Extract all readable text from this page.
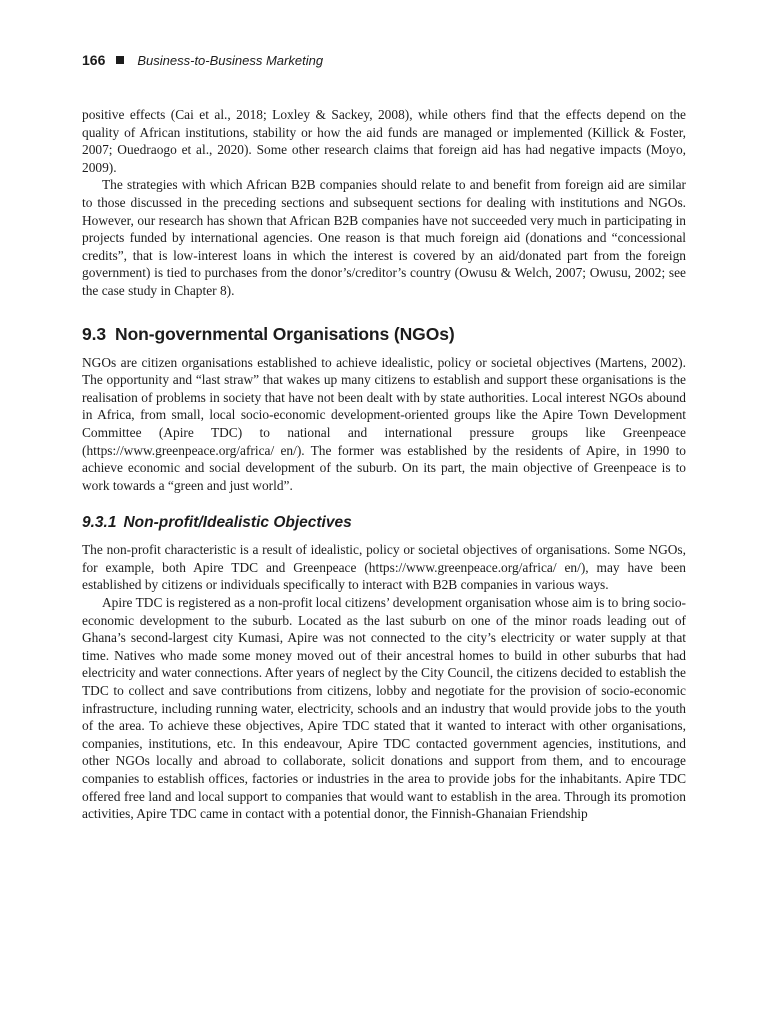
166 Business-to-Business Marketing

positive effects (Cai et al., 2018; Loxley & Sackey, 2008), while others find that the effects depend on the quality of African institutions, stability or how the aid funds are managed or implemented (Killick & Foster, 2007; Ouedraogo et al., 2020). Some other research claims that foreign aid has had negative impacts (Moyo, 2009).

The strategies with which African B2B companies should relate to and benefit from foreign aid are similar to those discussed in the preceding sections and subsequent sections for dealing with institutions and NGOs. However, our research has shown that African B2B companies have not succeeded very much in participating in projects funded by international agencies. One reason is that much foreign aid (donations and “concessional credits”, that is low-interest loans in which the interest is covered by an aid/donated part from the foreign government) is tied to purchases from the donor’s/creditor’s country (Owusu & Welch, 2007; Owusu, 2002; see the case study in Chapter 8).

9.3 Non-governmental Organisations (NGOs)

NGOs are citizen organisations established to achieve idealistic, policy or societal objectives (Martens, 2002). The opportunity and “last straw” that wakes up many citizens to establish and support these organisations is the realisation of problems in society that have not been dealt with by state authorities. Local interest NGOs abound in Africa, from small, local socio-economic development-oriented groups like the Apire Town Development Committee (Apire TDC) to national and international pressure groups like Greenpeace (https://www.greenpeace.org/africa/ en/). The former was established by the residents of Apire, in 1990 to achieve economic and social development of the suburb. On its part, the main objective of Greenpeace is to work towards a “green and just world”.

9.3.1 Non-profit/Idealistic Objectives

The non-profit characteristic is a result of idealistic, policy or societal objectives of organisations. Some NGOs, for example, both Apire TDC and Greenpeace (https://www.greenpeace.org/africa/ en/), may have been established by citizens or individuals specifically to interact with B2B companies in various ways.

Apire TDC is registered as a non-profit local citizens’ development organisation whose aim is to bring socio-economic development to the suburb. Located as the last suburb on one of the minor roads leading out of Ghana’s second-largest city Kumasi, Apire was not connected to the city’s electricity or water supply at that time. Natives who made some money moved out of their ancestral homes to build in other suburbs that had electricity and water connections. After years of neglect by the City Council, the citizens decided to establish the TDC to collect and save contributions from citizens, lobby and negotiate for the provision of socio-economic infrastructure, including running water, electricity, schools and an industry that would provide jobs to the youth of the area. To achieve these objectives, Apire TDC stated that it wanted to interact with other organisations, companies, institutions, etc. In this endeavour, Apire TDC contacted government agencies, institutions, and other NGOs locally and abroad to collaborate, solicit donations and support from them, and to encourage companies to establish offices, factories or industries in the area to provide jobs for the inhabitants. Apire TDC offered free land and local support to companies that would want to establish in the area. Through its promotion activities, Apire TDC came in contact with a potential donor, the Finnish-Ghanaian Friendship
